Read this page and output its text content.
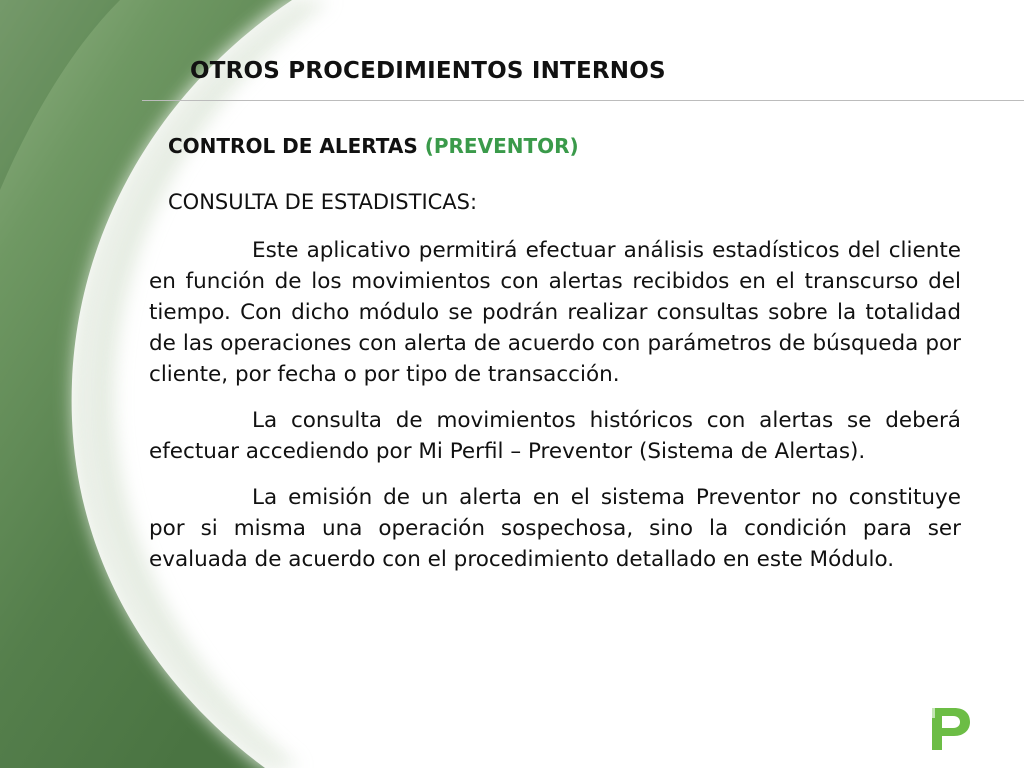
OTROS PROCEDIMIENTOS INTERNOS
CONTROL DE ALERTAS (PREVENTOR)
CONSULTA DE ESTADISTICAS:

Este aplicativo permitirá efectuar análisis estadísticos del cliente en función de los movimientos con alertas recibidos en el transcurso del tiempo. Con dicho módulo se podrán realizar consultas sobre la totalidad de las operaciones con alerta de acuerdo con parámetros de búsqueda por cliente, por fecha o por tipo de transacción.

La consulta de movimientos históricos con alertas se deberá efectuar accediendo por Mi Perfil – Preventor (Sistema de Alertas).

La emisión de un alerta en el sistema Preventor no constituye por si misma una operación sospechosa, sino la condición para ser evaluada de acuerdo con el procedimiento detallado en este Módulo.
